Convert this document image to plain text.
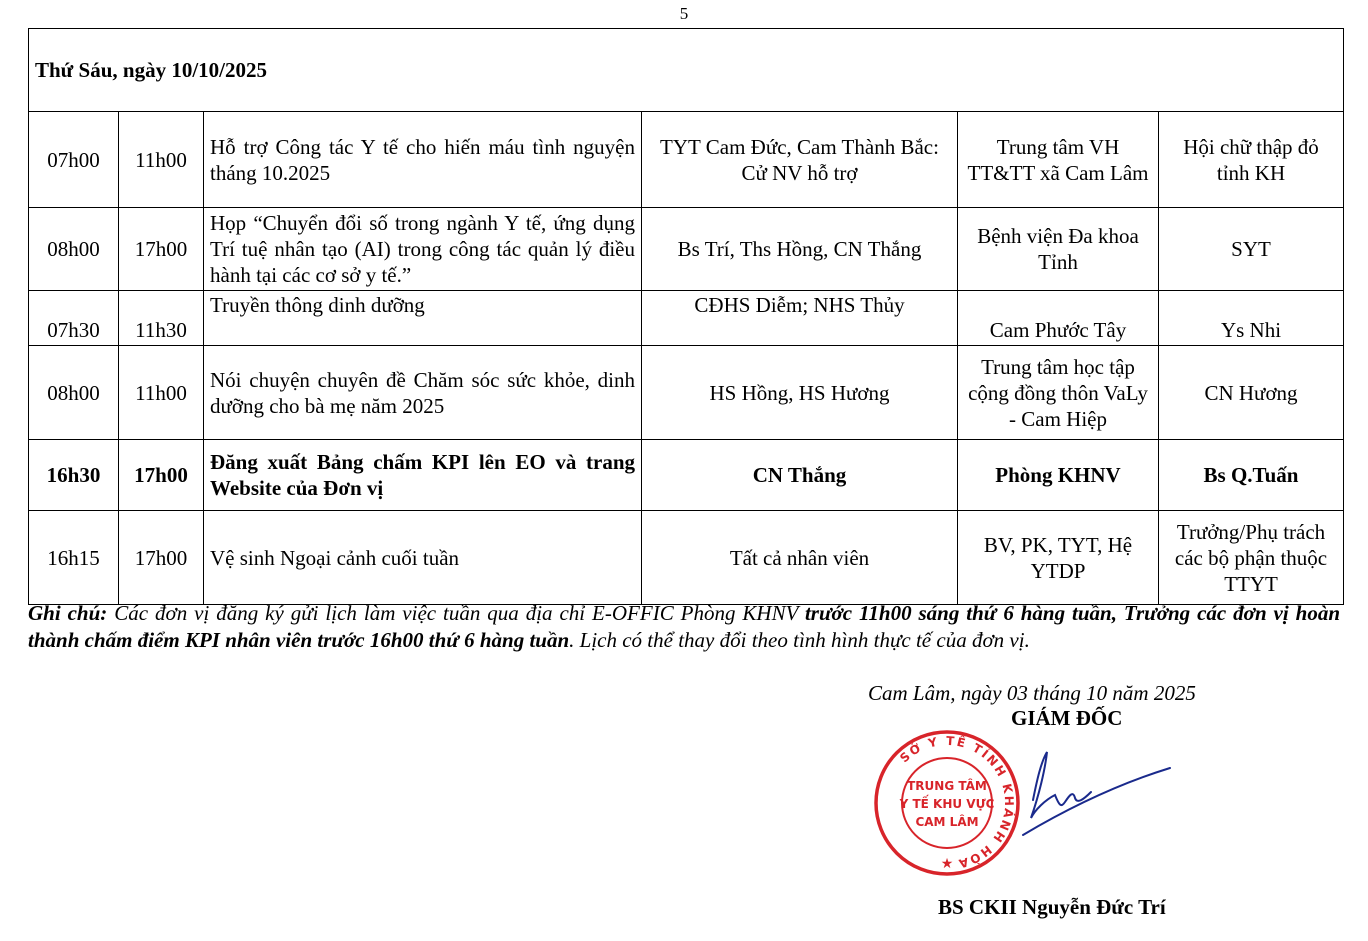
5
Thứ Sáu, ngày 10/10/2025					
07h00	11h00	Hỗ trợ Công tác Y tế cho hiến máu tình nguyện tháng 10.2025	TYT Cam Đức, Cam Thành Bắc: Cử NV hỗ trợ	Trung tâm VH TT&TT xã Cam Lâm	Hội chữ thập đỏ tỉnh KH
08h00	17h00	Họp “Chuyển đổi số trong ngành Y tế, ứng dụng Trí tuệ nhân tạo (AI) trong công tác quản lý điều hành tại các cơ sở y tế.”	Bs Trí, Ths Hồng, CN Thắng	Bệnh viện Đa khoa Tỉnh	SYT
07h30	11h30	Truyền thông dinh dưỡng	CĐHS Diễm; NHS Thủy	Cam Phước Tây	Ys Nhi
08h00	11h00	Nói chuyện chuyên đề Chăm sóc sức khỏe, dinh dưỡng cho bà mẹ năm 2025	HS Hồng, HS Hương	Trung tâm học tập cộng đồng thôn VaLy - Cam Hiệp	CN Hương
16h30	17h00	Đăng xuất Bảng chấm KPI lên EO và trang Website của Đơn vị	CN Thắng	Phòng KHNV	Bs Q.Tuấn
16h15	17h00	Vệ sinh Ngoại cảnh cuối tuần	Tất cả nhân viên	BV, PK, TYT, Hệ YTDP	Trưởng/Phụ trách các bộ phận thuộc TTYT
Ghi chú: Các đơn vị đăng ký gửi lịch làm việc tuần qua địa chỉ E-OFFIC Phòng KHNV trước 11h00 sáng thứ 6 hàng tuần, Trưởng các đơn vị hoàn thành chấm điểm KPI nhân viên trước 16h00 thứ 6 hàng tuần. Lịch có thể thay đổi theo tình hình thực tế của đơn vị.
Cam Lâm, ngày 03 tháng 10 năm 2025
GIÁM ĐỐC
SỞ Y TẾ TỈNH KHÁNH HÒA
TRUNG TÂM
Y TẾ KHU VỰC
CAM LÂM
★
BS CKII Nguyễn Đức Trí
